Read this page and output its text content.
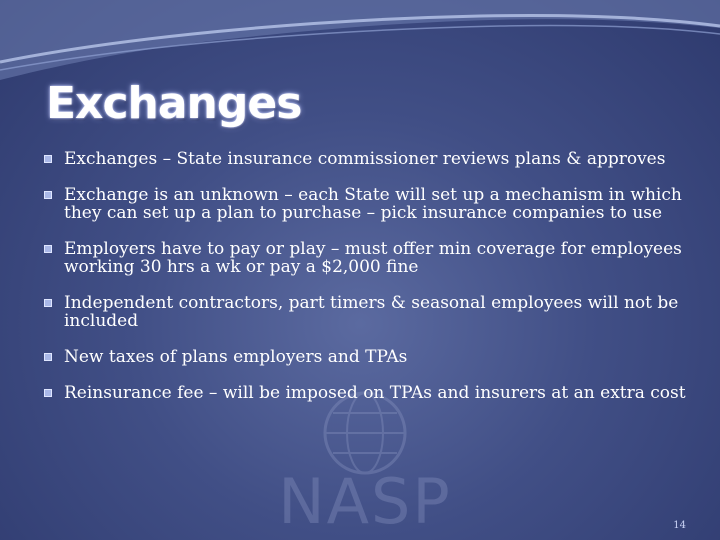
NASP
Exchanges
Exchanges – State insurance commissioner reviews plans & approves
Exchange is an unknown – each State will set up a mechanism in which they can set up a plan to purchase – pick insurance companies to use
Employers have to pay or play – must offer min coverage for employees working 30 hrs a wk or pay a $2,000 fine
Independent contractors, part timers & seasonal employees will not be included
New taxes of plans employers and TPAs
Reinsurance fee – will be imposed on TPAs and insurers at an extra cost
14
